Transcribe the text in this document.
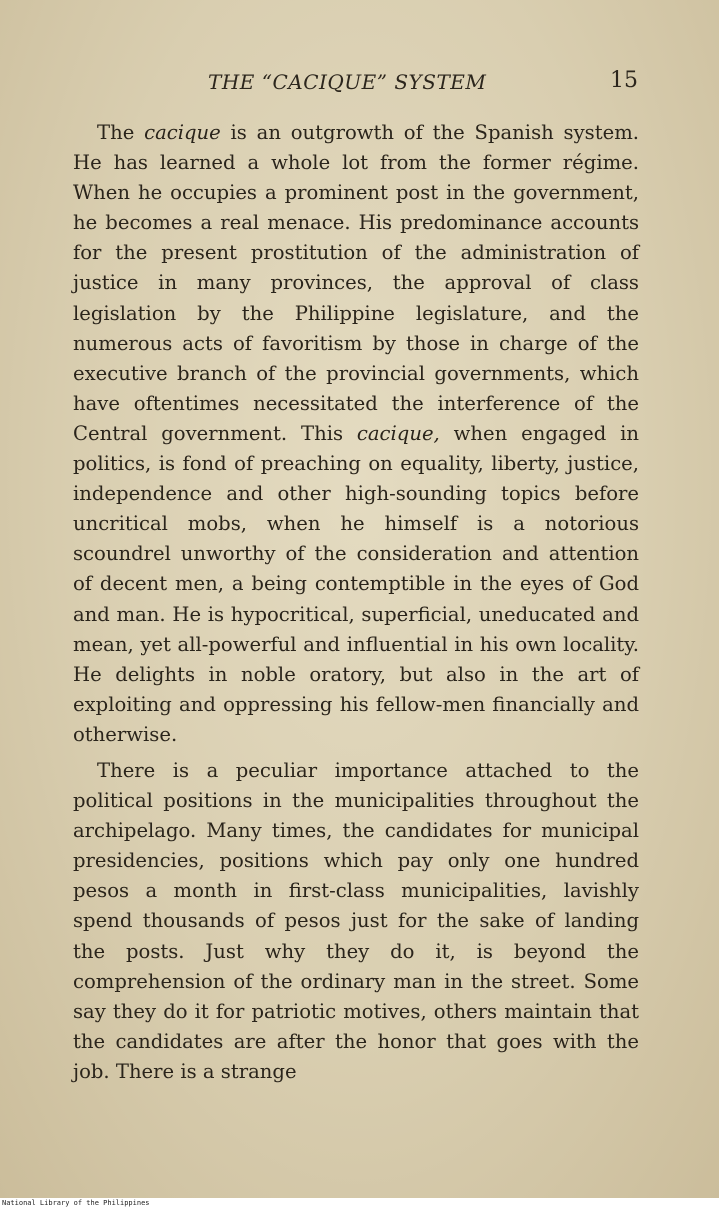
THE “CACIQUE” SYSTEM	15

The cacique is an outgrowth of the Spanish system. He has learned a whole lot from the former régime. When he occupies a prominent post in the government, he becomes a real menace. His predominance accounts for the present prostitution of the administration of justice in many provinces, the approval of class legislation by the Philippine legislature, and the numerous acts of favoritism by those in charge of the executive branch of the provincial governments, which have oftentimes necessitated the interference of the Central government. This cacique, when engaged in politics, is fond of preaching on equality, liberty, justice, independence and other high-sounding topics before uncritical mobs, when he himself is a notorious scoundrel unworthy of the consideration and attention of decent men, a being contemptible in the eyes of God and man. He is hypocritical, superficial, uneducated and mean, yet all-powerful and influential in his own locality. He delights in noble oratory, but also in the art of exploiting and oppressing his fellow-men financially and otherwise.

There is a peculiar importance attached to the political positions in the municipalities throughout the archipelago. Many times, the candidates for municipal presidencies, positions which pay only one hundred pesos a month in first-class municipalities, lavishly spend thousands of pesos just for the sake of landing the posts. Just why they do it, is beyond the comprehension of the ordinary man in the street. Some say they do it for patriotic motives, others maintain that the candidates are after the honor that goes with the job. There is a strange

National Library of the Philippines
